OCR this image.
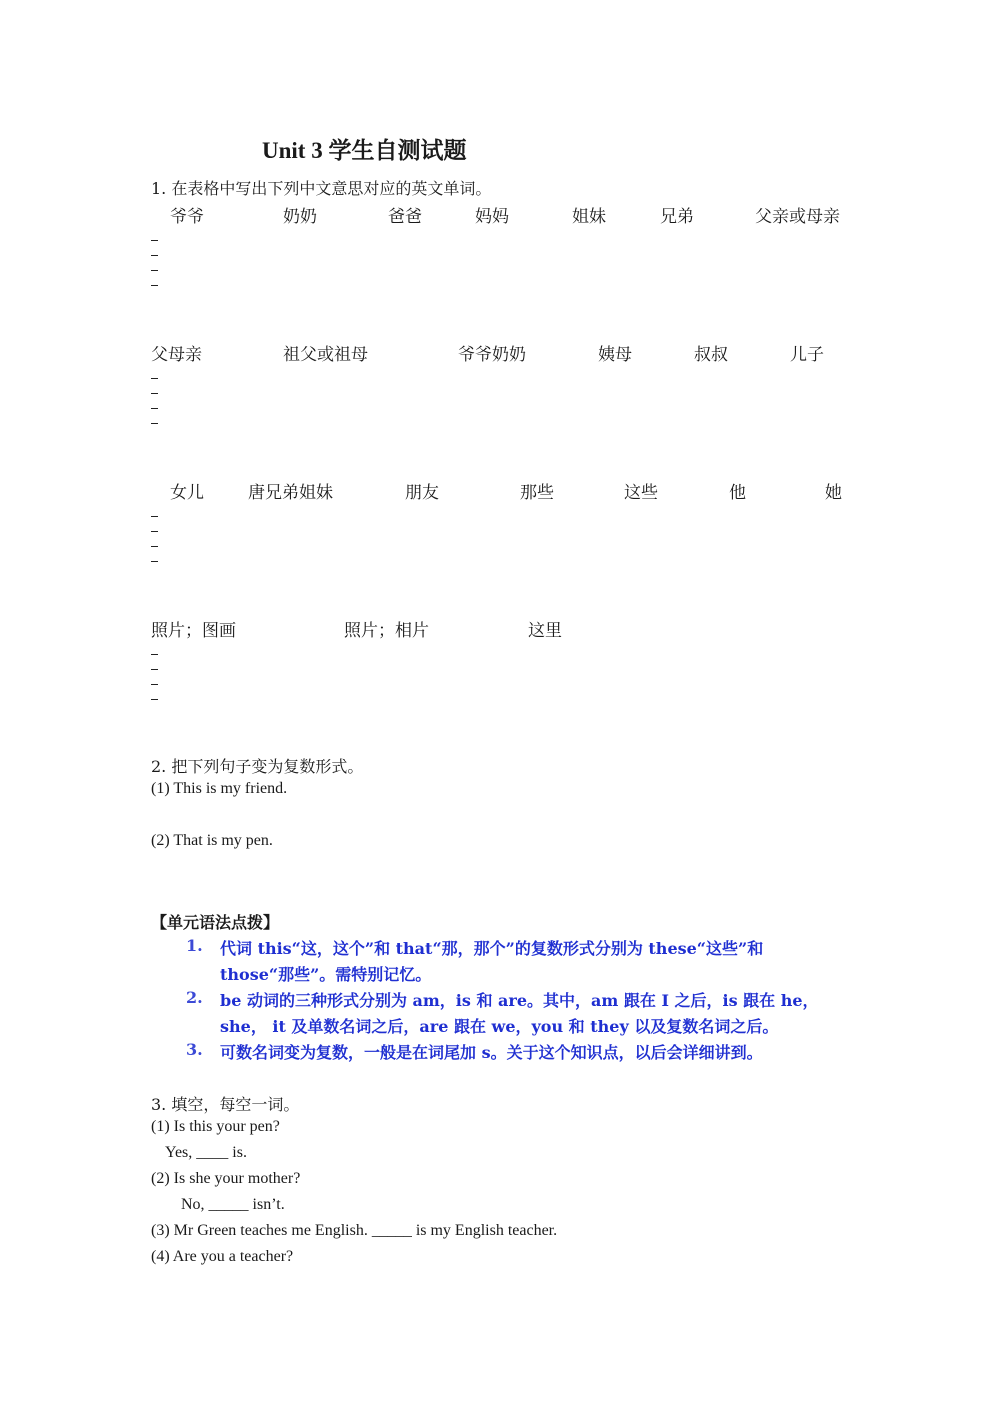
Unit 3 学生自测试题
1. 在表格中写出下列中文意思对应的英文单词。
爷爷	奶奶	爸爸	妈妈	姐妹	兄弟	父亲或母亲
父母亲	祖父或祖母	爷爷奶奶	姨母	叔叔	儿子
女儿	唐兄弟姐妹	朋友	那些	这些	他	她
照片；图画	照片；相片	这里
2. 把下列句子变为复数形式。
(1) This is my friend.
(2) That is my pen.
【单元语法点拨】
1. 代词 this“这，这个”和 that“那，那个”的复数形式分别为 these“这些”和
those“那些”。需特别记忆。
2. be 动词的三种形式分别为 am，is 和 are。其中，am 跟在 I 之后，is 跟在 he，
she， it 及单数名词之后，are 跟在 we，you 和 they 以及复数名词之后。
3. 可数名词变为复数，一般是在词尾加 s。关于这个知识点，以后会详细讲到。
3. 填空，每空一词。
(1) Is this your pen?
Yes, ____ is.
(2) Is she your mother?
No, _____ isn’t.
(3) Mr Green teaches me English. _____ is my English teacher.
(4) Are you a teacher?
